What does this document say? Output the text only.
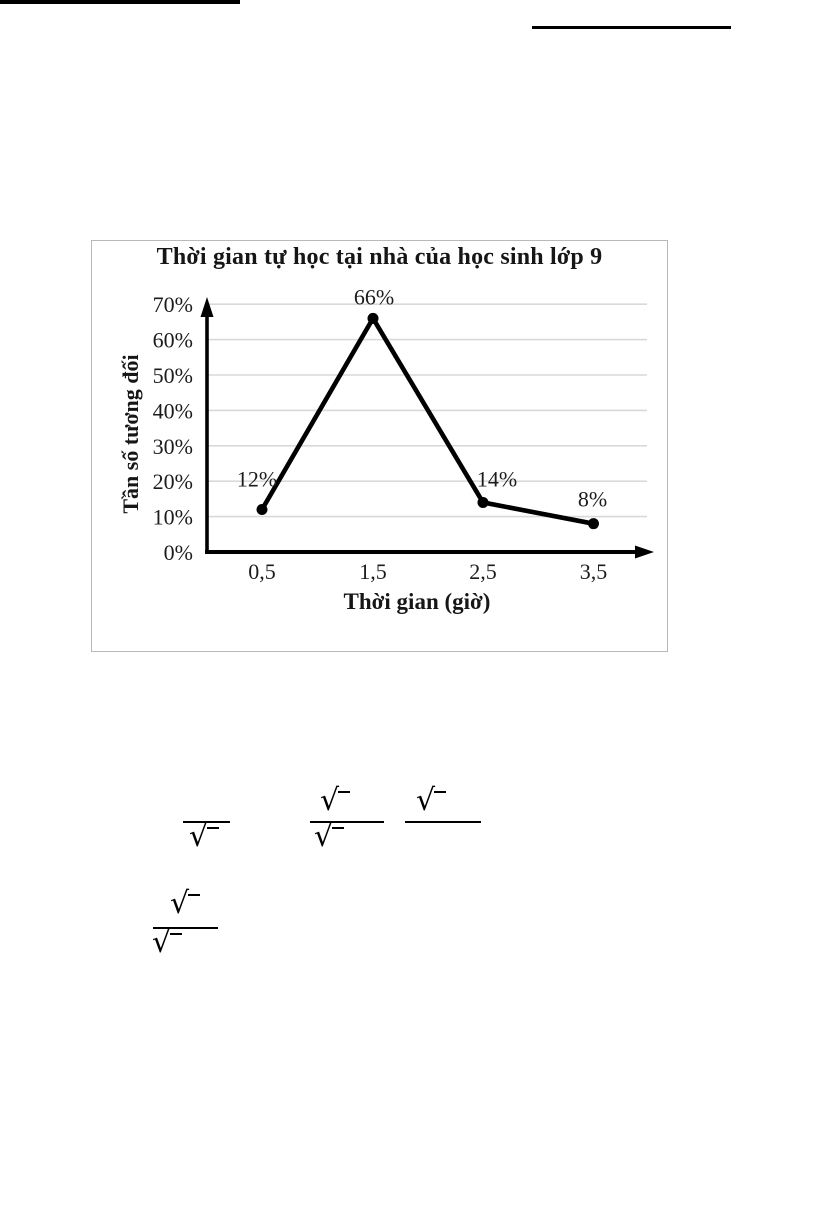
Thời gian tự học tại nhà của học sinh lớp 9
Tần số tương đối
Thời gian (giờ)
0%
10%
20%
30%
40%
50%
60%
70%
12%
66%
14%
8%
0,5	1,5	2,5	3,5
√
√
√
√
√
√
